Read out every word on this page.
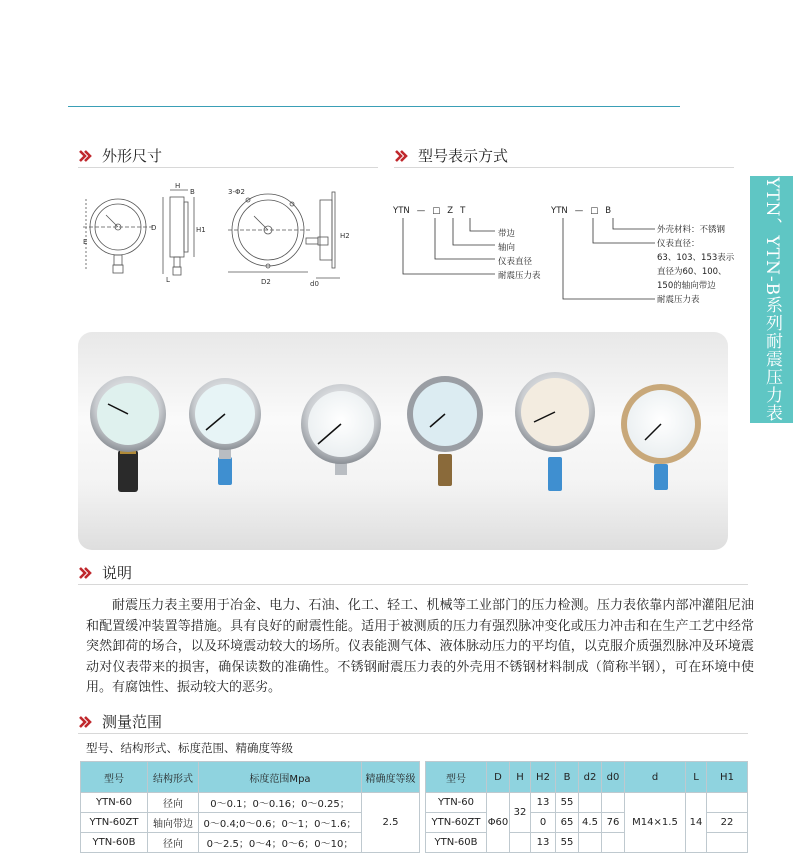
外形尺寸	型号表示方式
YTN、YTN-B系列耐震压力表
H
B
E
D	H1
L
3-Φ2
D2	d0
H2
YTN — □ Z T
带边
轴向
仪表直径
耐震压力表
YTN — □ B
外壳材料：不锈钢
仪表直径：
63、103、153表示
直径为60、100、
150的轴向带边
耐震压力表
说明
耐震压力表主要用于冶金、电力、石油、化工、轻工、机械等工业部门的压力检测。压力表依靠内部冲灌阻尼油和配置缓冲装置等措施。具有良好的耐震性能。适用于被测质的压力有强烈脉冲变化或压力冲击和在生产工艺中经常突然卸荷的场合，以及环境震动较大的场所。仪表能测气体、液体脉动压力的平均值，以克服介质强烈脉冲及环境震动对仪表带来的损害，确保读数的准确性。不锈钢耐震压力表的外壳用不锈钢材料制成（简称半钢），可在环境中使用。有腐蚀性、振动较大的恶劣。
测量范围
型号、结构形式、标度范围、精确度等级
型号	结构形式	标度范围Mpa	精确度等级
YTN-60	径向	0～0.1；0～0.16；0～0.25；	2.5
YTN-60ZT	轴向带边	0～0.4;0～0.6；0～1；0～1.6；	
YTN-60B	径向	0～2.5；0～4；0～6；0～10；	
型号	D	H	H2	B	d2	d0	d	L	H1
YTN-60	Φ60	32	13	55			M14×1.5	14	
YTN-60ZT			0	65	4.5	76			22
YTN-60B			13	55					
